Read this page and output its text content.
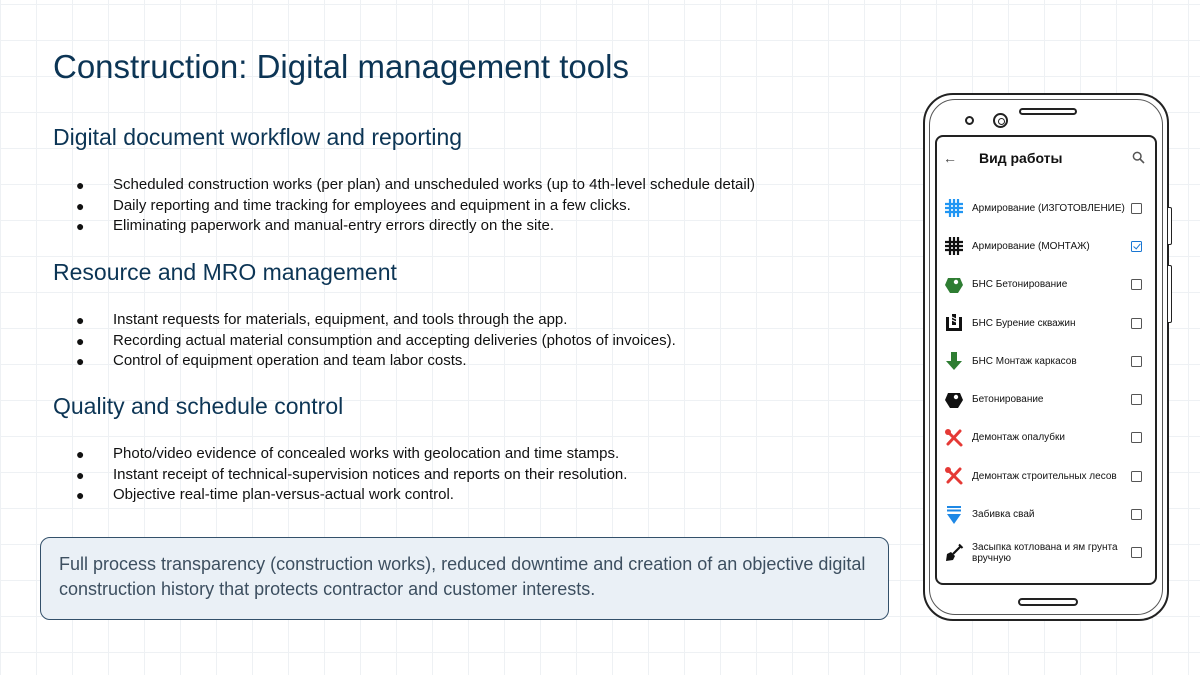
Construction: Digital management tools
Digital document workflow and reporting
● Scheduled construction works (per plan) and unscheduled works (up to 4th-level schedule detail)
● Daily reporting and time tracking for employees and equipment in a few clicks.
● Eliminating paperwork and manual-entry errors directly on the site.
Resource and MRO management
● Instant requests for materials, equipment, and tools through the app.
● Recording actual material consumption and accepting deliveries (photos of invoices).
● Control of equipment operation and team labor costs.
Quality and schedule control
● Photo/video evidence of concealed works with geolocation and time stamps.
● Instant receipt of technical-supervision notices and reports on their resolution.
● Objective real-time plan-versus-actual work control.

Full process transparency (construction works), reduced downtime and creation of an objective digital construction history that protects contractor and customer interests.

← Вид работы
Армирование (ИЗГОТОВЛЕНИЕ)
Армирование (МОНТАЖ)
БНС Бетонирование
БНС Бурение скважин
БНС Монтаж каркасов
Бетонирование
Демонтаж опалубки
Демонтаж строительных лесов
Забивка свай
Засыпка котлована и ям грунта вручную
